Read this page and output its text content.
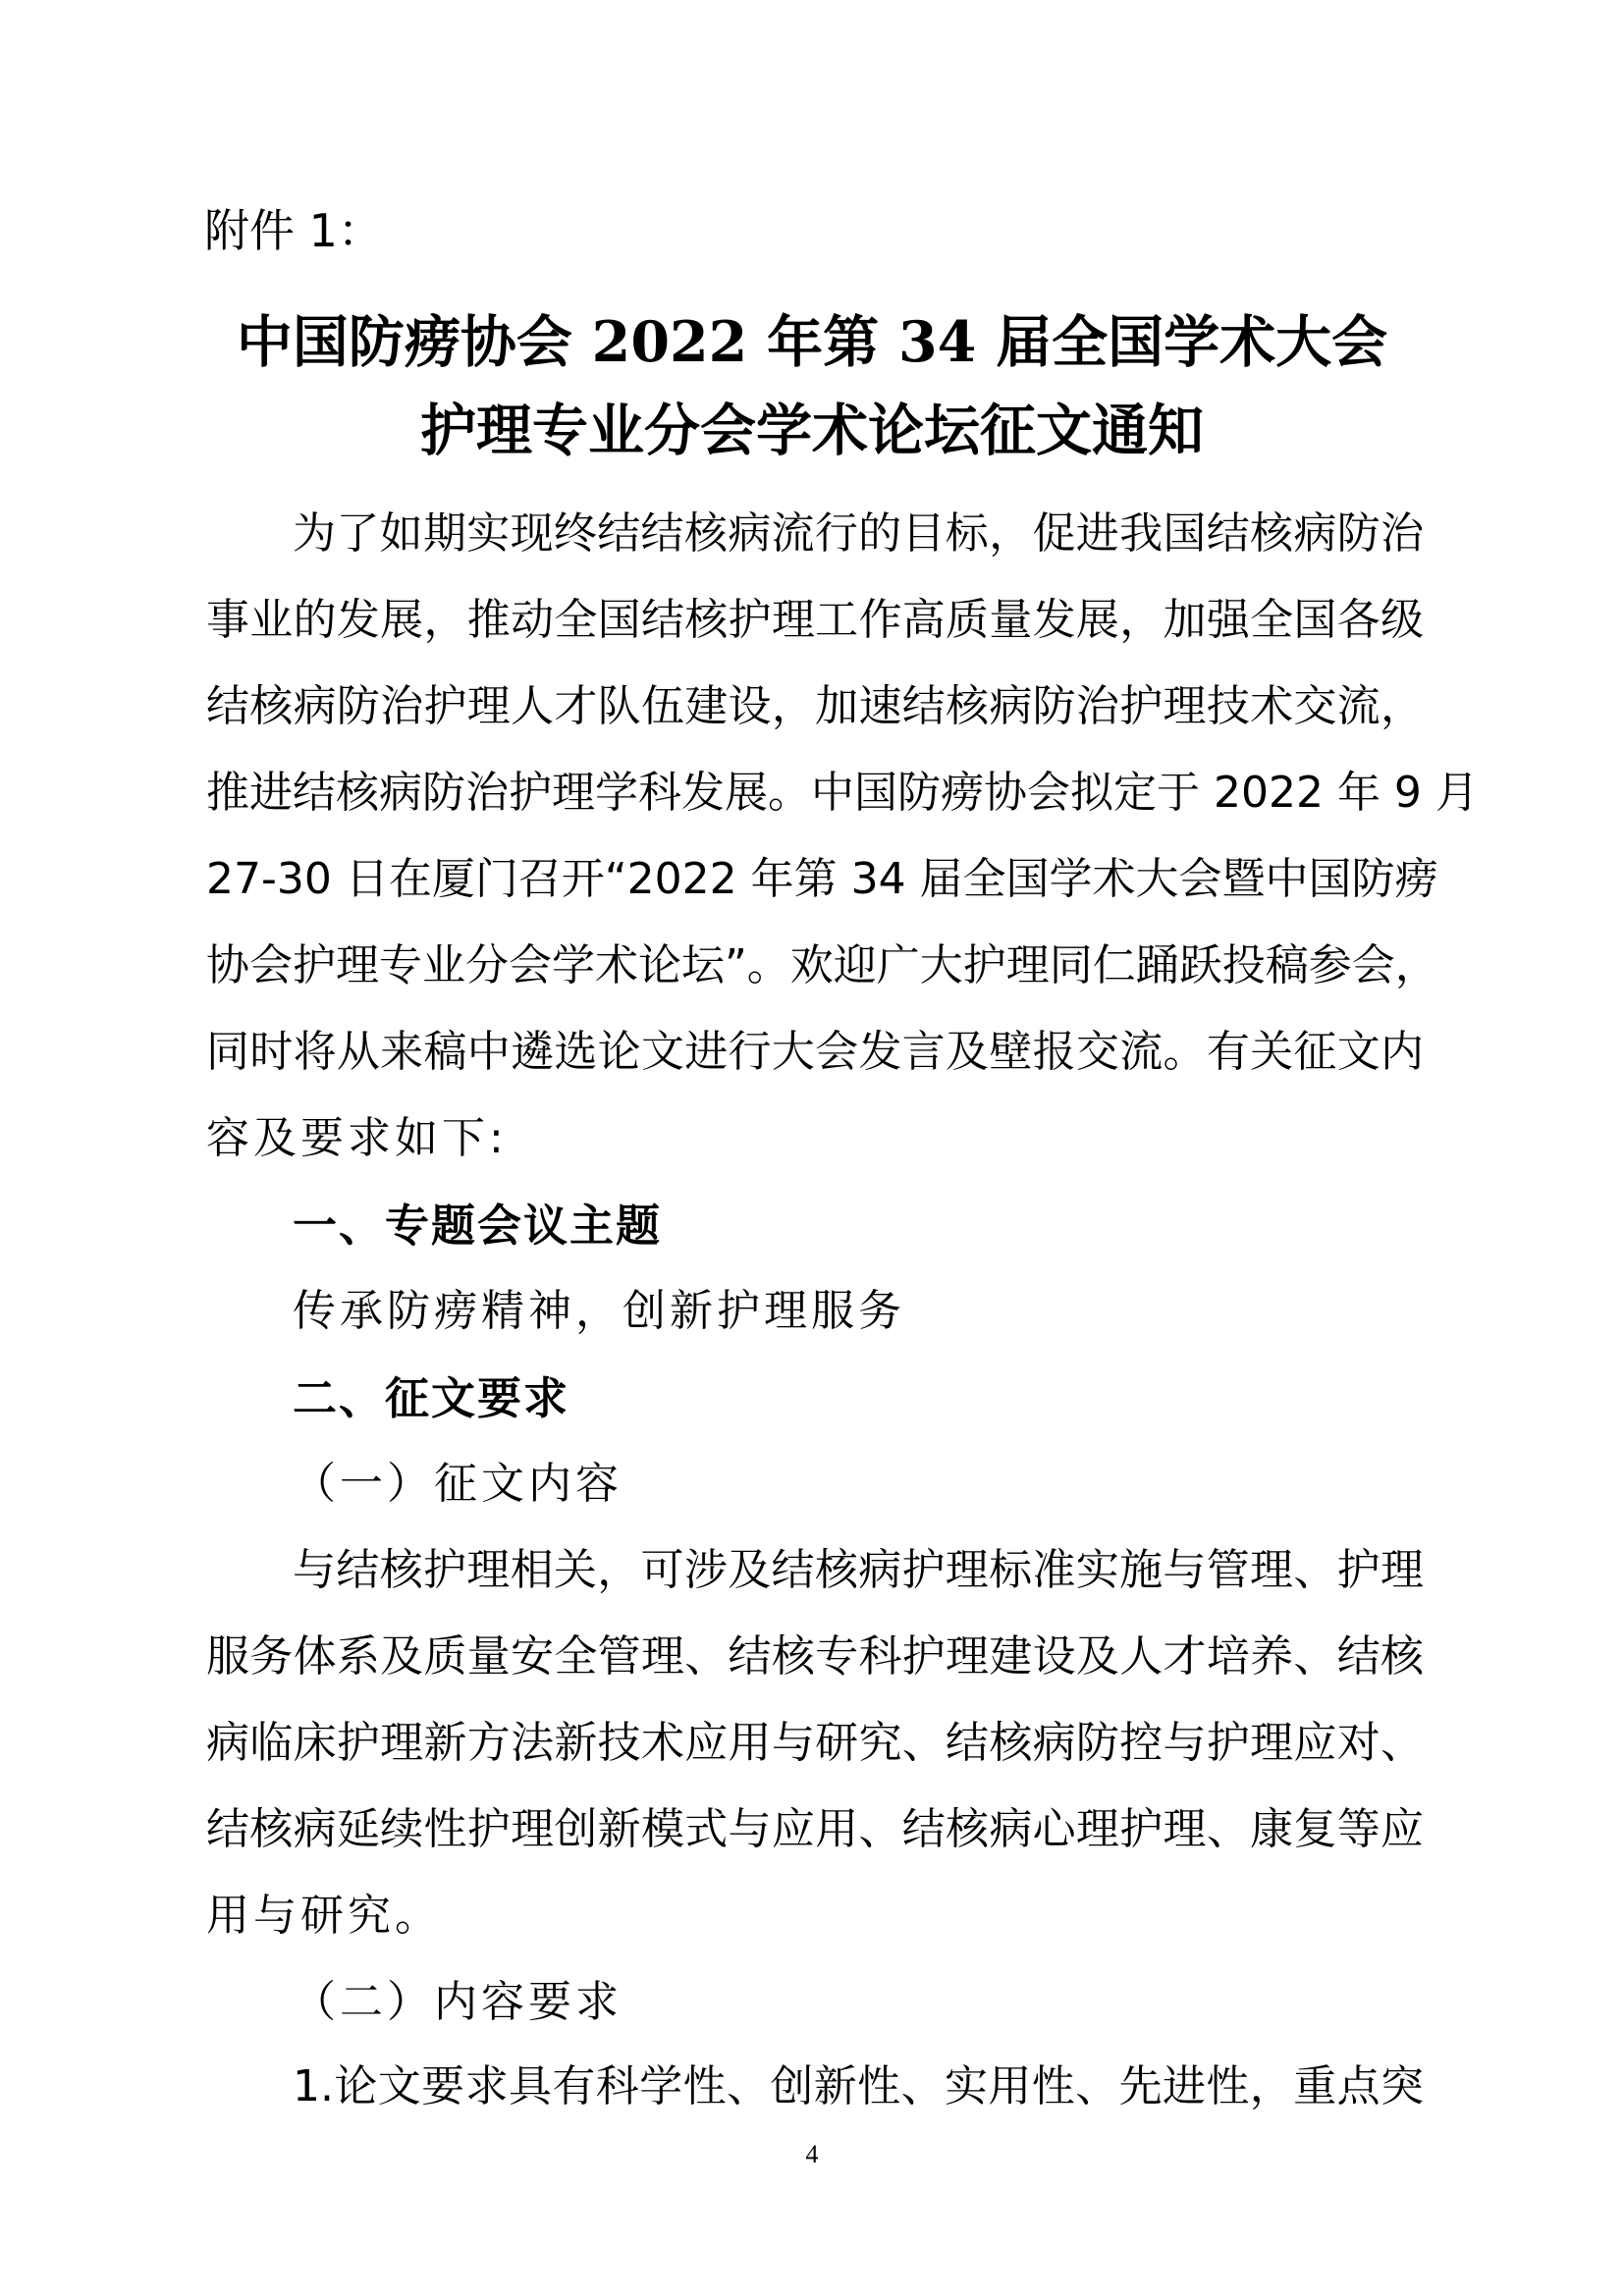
附件 1：

中国防痨协会 2022 年第 34 届全国学术大会

护理专业分会学术论坛征文通知

为了如期实现终结结核病流行的目标，促进我国结核病防治

事业的发展，推动全国结核护理工作高质量发展，加强全国各级

结核病防治护理人才队伍建设，加速结核病防治护理技术交流，

推进结核病防治护理学科发展。中国防痨协会拟定于 2022 年 9 月

27-30 日在厦门召开“2022 年第 34 届全国学术大会暨中国防痨

协会护理专业分会学术论坛”。欢迎广大护理同仁踊跃投稿参会，

同时将从来稿中遴选论文进行大会发言及壁报交流。有关征文内

容及要求如下:

一、专题会议主题

传承防痨精神，创新护理服务

二、征文要求

（一）征文内容

与结核护理相关，可涉及结核病护理标准实施与管理、护理

服务体系及质量安全管理、结核专科护理建设及人才培养、结核

病临床护理新方法新技术应用与研究、结核病防控与护理应对、

结核病延续性护理创新模式与应用、结核病心理护理、康复等应

用与研究。

（二）内容要求

1.论文要求具有科学性、创新性、实用性、先进性，重点突

4
